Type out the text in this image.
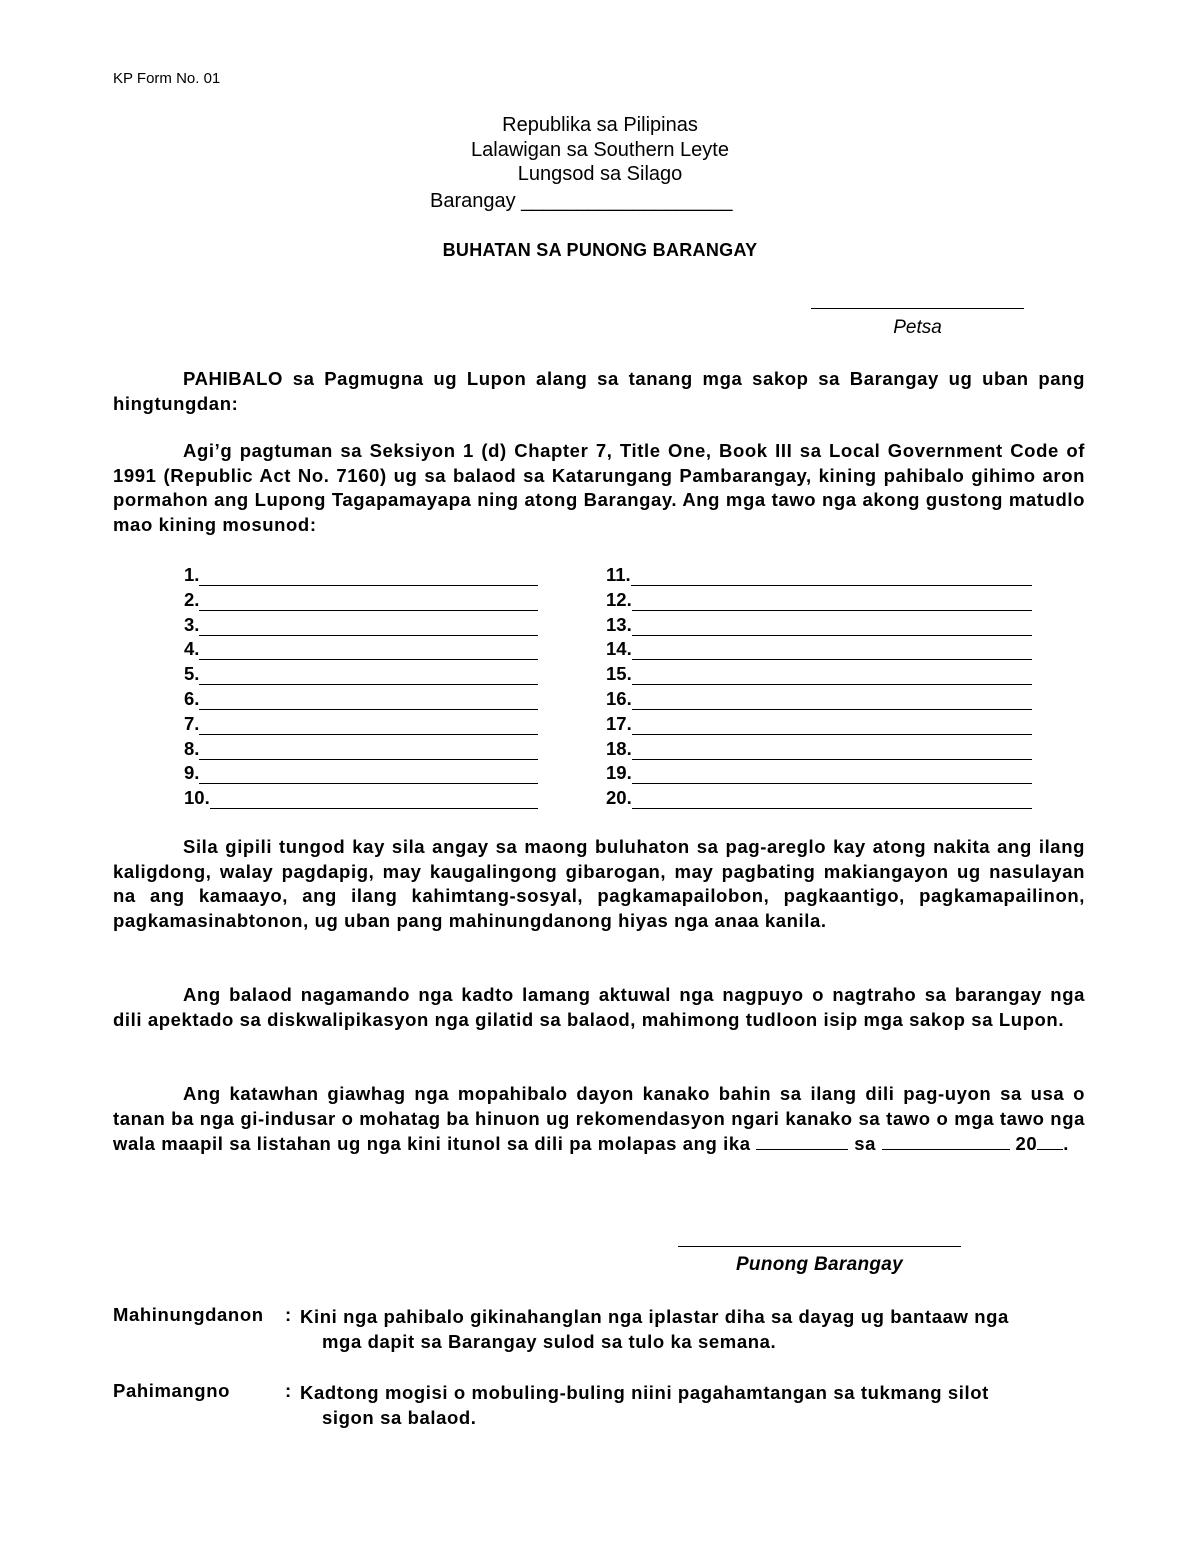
KP Form No. 01
Republika sa Pilipinas
Lalawigan sa Southern Leyte
Lungsod sa Silago
Barangay ___________________
BUHATAN SA PUNONG BARANGAY
Petsa
PAHIBALO sa Pagmugna ug Lupon alang sa tanang mga sakop sa Barangay ug uban pang hingtungdan:
Agi’g pagtuman sa Seksiyon 1 (d) Chapter 7, Title One, Book III sa Local Government Code of 1991 (Republic Act No. 7160) ug sa balaod sa Katarungang Pambarangay, kining pahibalo gihimo aron pormahon ang Lupong Tagapamayapa ning atong Barangay. Ang mga tawo nga akong gustong matudlo mao kining mosunod:
1.
2.
3.
4.
5.
6.
7.
8.
9.
10.
11.
12.
13.
14.
15.
16.
17.
18.
19.
20.
Sila gipili tungod kay sila angay sa maong buluhaton sa pag-areglo kay atong nakita ang ilang kaligdong, walay pagdapig, may kaugalingong gibarogan, may pagbating makiangayon ug nasulayan na ang kamaayo, ang ilang kahimtang-sosyal, pagkamapailobon, pagkaantigo, pagkamapailinon, pagkamasinabtonon, ug uban pang mahinungdanong hiyas nga anaa kanila.
Ang balaod nagamando nga kadto lamang aktuwal nga nagpuyo o nagtraho sa barangay nga dili apektado sa diskwalipikasyon nga gilatid sa balaod, mahimong tudloon isip mga sakop sa Lupon.
Ang katawhan giawhag nga mopahibalo dayon kanako bahin sa ilang dili pag-uyon sa usa o tanan ba nga gi-indusar o mohatag ba hinuon ug rekomendasyon ngari kanako sa tawo o mga tawo nga wala maapil sa listahan ug nga kini itunol sa dili pa molapas ang ika	sa	20 .
Punong Barangay
Mahinungdanon : Kini nga pahibalo gikinahanglan nga iplastar diha sa dayag ug bantaaw nga
mga dapit sa Barangay sulod sa tulo ka semana.
Pahimangno	: Kadtong mogisi o mobuling-buling niini pagahamtangan sa tukmang silot
sigon sa balaod.
